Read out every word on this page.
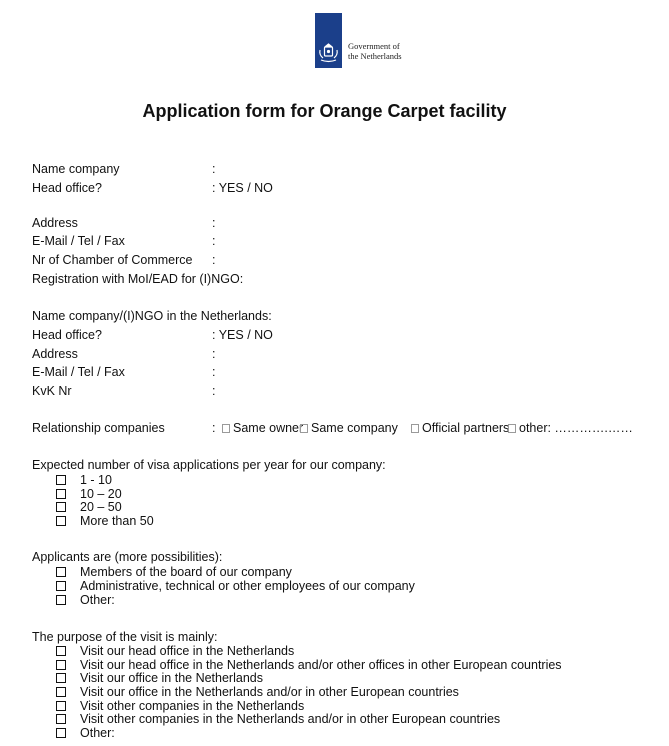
Government of
the Netherlands
Application form for Orange Carpet facility
Name company	:
Head office?	: YES / NO
Address	:
E-Mail / Tel / Fax	:
Nr of Chamber of Commerce :
Registration with MoI/EAD for (I)NGO:
Name company/(I)NGO in the Netherlands:
Head office?	: YES / NO
Address	:
E-Mail / Tel / Fax	:
KvK Nr	:
Relationship companies	:	Same owner Same company	Official partners other: ………….……
Expected number of visa applications per year for our company:
1 - 10
10 – 20
20 – 50
More than 50
Applicants are (more possibilities):
Members of the board of our company
Administrative, technical or other employees of our company
Other:
The purpose of the visit is mainly:
Visit our head office in the Netherlands
Visit our head office in the Netherlands and/or other offices in other European countries
Visit our office in the Netherlands
Visit our office in the Netherlands and/or in other European countries
Visit other companies in the Netherlands
Visit other companies in the Netherlands and/or in other European countries
Other:
